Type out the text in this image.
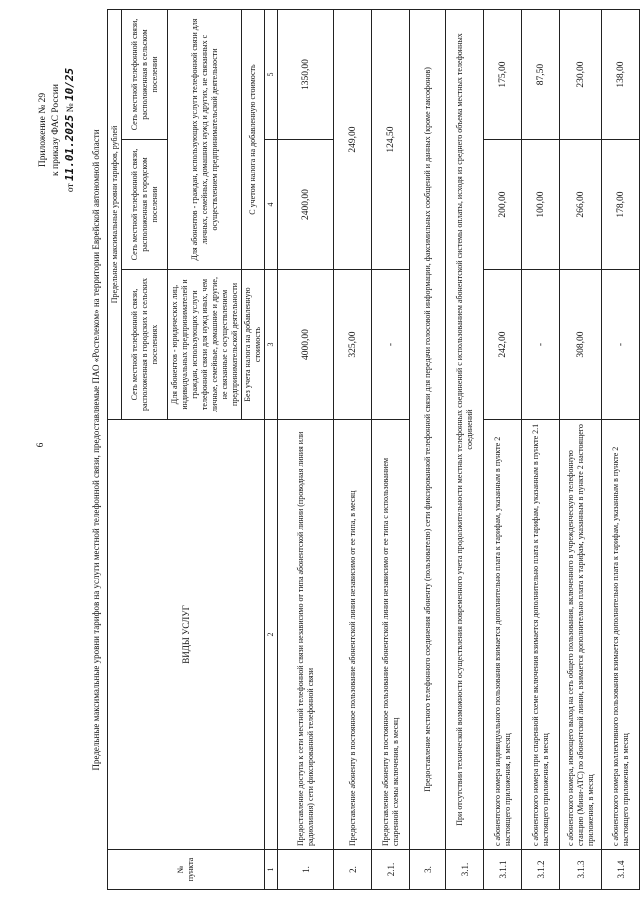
6
Приложение № 29 к приказу ФАС России
от 11.01.2025 № 10/25
Предельные максимальные уровни тарифов на услуги местной телефонной связи, предоставляемые ПАО «Ростелеком» на территории Еврейской автономной области
№ пункта	ВИДЫ УСЛУГ	Предельные максимальные уровни тарифов, рублей		
		Сеть местной телефонной связи, расположенная в городских и сельских поселениях	Сеть местной телефонной связи, расположенная в городском поселении	Сеть местной телефонной связи, расположенная в сельском поселении
		Для абонентов - юридических лиц, индивидуальных предпринимателей и граждан, использующих услуги телефонной связи для нужд иных, чем личные, семейные, домашние и другие, не связанные с осуществлением предпринимательской деятельности	Для абонентов - граждан, использующих услуги телефонной связи для личных, семейных, домашних нужд и других, не связанных с осуществлением предпринимательской деятельности	
		Без учета налога на добавленную стоимость	С учетом налога на добавленную стоимость	
1	2	3	4	5
1.	Предоставление доступа к сети местной телефонной связи независимо от типа абонентской линии (проводная линия или радиолиния) сети фиксированной телефонной связи	4000,00	2400,00	1350,00
2.	Предоставление абоненту в постоянное пользование абонентской линии независимо от ее типа, в месяц	325,00	249,00	
2.1.	Предоставление абоненту в постоянное пользование абонентской линии независимо от ее типа с использованием спаренной схемы включения, в месяц	-	124,50	
3.	Предоставление местного телефонного соединения абоненту (пользователю) сети фиксированной телефонной связи для передачи голосовой информации, факсимильных сообщений и данных (кроме таксофонов)			
3.1.	При отсутствии технической возможности осуществления повременного учета продолжительности местных телефонных соединений с использованием абонентской системы оплаты, исходя из среднего объема местных телефонных соединений			
3.1.1	с абонентского номера индивидуального пользования взимается дополнительно плата к тарифам, указанным в пункте 2 настоящего приложения, в месяц	242,00	200,00	175,00
3.1.2	с абонентского номера при спаренной схеме включения взимается дополнительно плата к тарифам, указанным в пункте 2.1 настоящего приложения, в месяц	-	100,00	87,50
3.1.3	с абонентского номера, имеющего выход на сеть общего пользования, включенного в учрежденческую телефонную станцию (Мини-АТС) по абонентской линии, взимается дополнительно плата к тарифам, указанным в пункте 2 настоящего приложения, в месяц	308,00	266,00	230,00
3.1.4	с абонентского номера коллективного пользования взимается дополнительно плата к тарифам, указанным в пункте 2 настоящего приложения, в месяц	-	178,00	138,00
